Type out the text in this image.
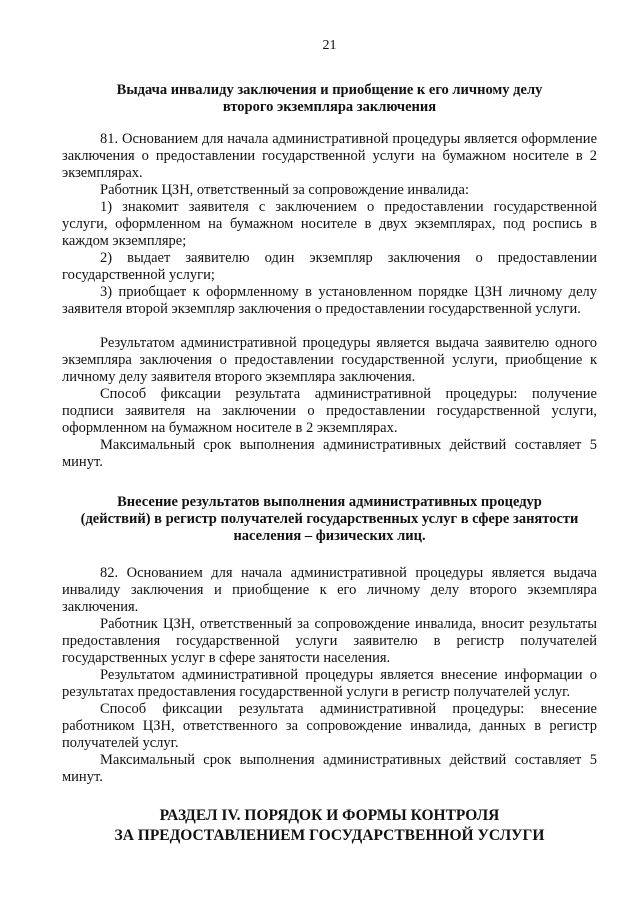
21
Выдача инвалиду заключения и приобщение к его личному делу
второго экземпляра заключения

81. Основанием для начала административной процедуры является оформление заключения о предоставлении государственной услуги на бумажном носителе в 2 экземплярах.

Работник ЦЗН, ответственный за сопровождение инвалида:

1) знакомит заявителя с заключением о предоставлении государственной услуги, оформленном на бумажном носителе в двух экземплярах, под роспись в каждом экземпляре;

2) выдает заявителю один экземпляр заключения о предоставлении государственной услуги;

3) приобщает к оформленному в установленном порядке ЦЗН личному делу заявителя второй экземпляр заключения о предоставлении государственной услуги.

Результатом административной процедуры является выдача заявителю одного экземпляра заключения о предоставлении государственной услуги, приобщение к личному делу заявителя второго экземпляра заключения.

Способ фиксации результата административной процедуры: получение подписи заявителя на заключении о предоставлении государственной услуги, оформленном на бумажном носителе в 2 экземплярах.

Максимальный срок выполнения административных действий составляет 5 минут.

Внесение результатов выполнения административных процедур
(действий) в регистр получателей государственных услуг в сфере занятости
населения – физических лиц.

82. Основанием для начала административной процедуры является выдача инвалиду заключения и приобщение к его личному делу второго экземпляра заключения.

Работник ЦЗН, ответственный за сопровождение инвалида, вносит результаты предоставления государственной услуги заявителю в регистр получателей государственных услуг в сфере занятости населения.

Результатом административной процедуры является внесение информации о результатах предоставления государственной услуги в регистр получателей услуг.

Способ фиксации результата административной процедуры: внесение работником ЦЗН, ответственного за сопровождение инвалида, данных в регистр получателей услуг.

Максимальный срок выполнения административных действий составляет 5 минут.

РАЗДЕЛ IV. ПОРЯДОК И ФОРМЫ КОНТРОЛЯ
ЗА ПРЕДОСТАВЛЕНИЕМ ГОСУДАРСТВЕННОЙ УСЛУГИ
